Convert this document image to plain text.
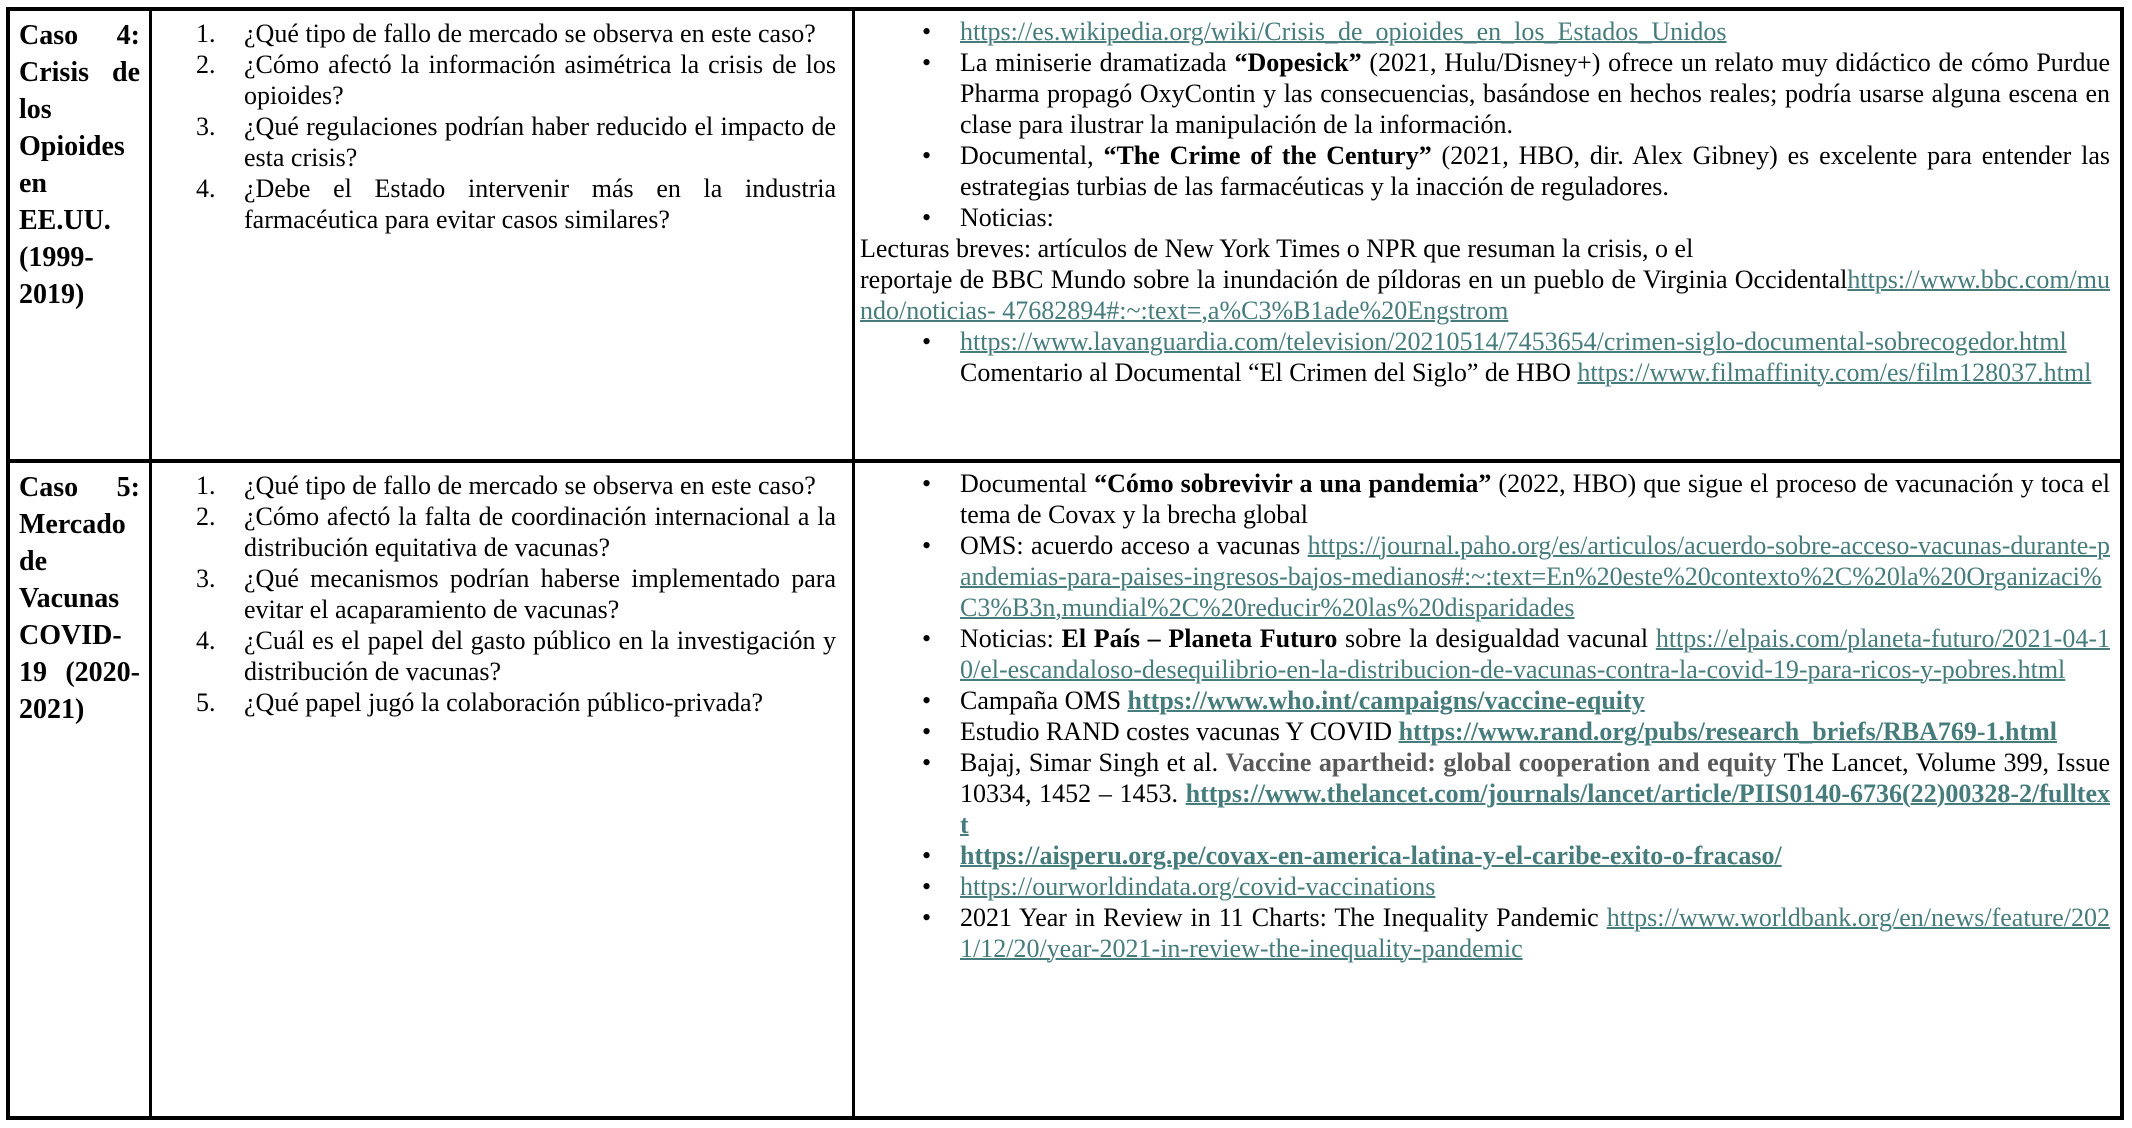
Caso 4: Crisis de los Opioides en EE.UU. (1999-2019)
1. ¿Qué tipo de fallo de mercado se observa en este caso?
2. ¿Cómo afectó la información asimétrica la crisis de los opioides?
3. ¿Qué regulaciones podrían haber reducido el impacto de esta crisis?
4. ¿Debe el Estado intervenir más en la industria farmacéutica para evitar casos similares?
• https://es.wikipedia.org/wiki/Crisis_de_opioides_en_los_Estados_Unidos
• La miniserie dramatizada “Dopesick” (2021, Hulu/Disney+) ofrece un relato muy didáctico de cómo Purdue Pharma propagó OxyContin y las consecuencias, basándose en hechos reales; podría usarse alguna escena en clase para ilustrar la manipulación de la información.
• Documental, “The Crime of the Century” (2021, HBO, dir. Alex Gibney) es excelente para entender las estrategias turbias de las farmacéuticas y la inacción de reguladores.
• Noticias:
Lecturas breves: artículos de New York Times o NPR que resuman la crisis, o el
reportaje de BBC Mundo sobre la inundación de píldoras en un pueblo de Virginia Occidentalhttps://www.bbc.com/mundo/noticias- 47682894#:~:text=,a%C3%B1ade%20Engstrom
• https://www.lavanguardia.com/television/20210514/7453654/crimen-siglo-documental-sobrecogedor.html Comentario al Documental “El Crimen del Siglo” de HBO https://www.filmaffinity.com/es/film128037.html
Caso 5: Mercado de Vacunas COVID-19 (2020-2021)
1. ¿Qué tipo de fallo de mercado se observa en este caso?
2. ¿Cómo afectó la falta de coordinación internacional a la distribución equitativa de vacunas?
3. ¿Qué mecanismos podrían haberse implementado para evitar el acaparamiento de vacunas?
4. ¿Cuál es el papel del gasto público en la investigación y distribución de vacunas?
5. ¿Qué papel jugó la colaboración público-privada?
• Documental “Cómo sobrevivir a una pandemia” (2022, HBO) que sigue el proceso de vacunación y toca el tema de Covax y la brecha global
• OMS: acuerdo acceso a vacunas https://journal.paho.org/es/articulos/acuerdo-sobre-acceso-vacunas-durante-pandemias-para-paises-ingresos-bajos-medianos#:~:text=En%20este%20contexto%2C%20la%20Organizaci%C3%B3n,mundial%2C%20reducir%20las%20disparidades
• Noticias: El País – Planeta Futuro sobre la desigualdad vacunal https://elpais.com/planeta-futuro/2021-04-10/el-escandaloso-desequilibrio-en-la-distribucion-de-vacunas-contra-la-covid-19-para-ricos-y-pobres.html
• Campaña OMS https://www.who.int/campaigns/vaccine-equity
• Estudio RAND costes vacunas Y COVID https://www.rand.org/pubs/research_briefs/RBA769-1.html
• Bajaj, Simar Singh et al. Vaccine apartheid: global cooperation and equity The Lancet, Volume 399, Issue 10334, 1452 – 1453. https://www.thelancet.com/journals/lancet/article/PIIS0140-6736(22)00328-2/fulltext
• https://aisperu.org.pe/covax-en-america-latina-y-el-caribe-exito-o-fracaso/
• https://ourworldindata.org/covid-vaccinations
• 2021 Year in Review in 11 Charts: The Inequality Pandemic https://www.worldbank.org/en/news/feature/2021/12/20/year-2021-in-review-the-inequality-pandemic
